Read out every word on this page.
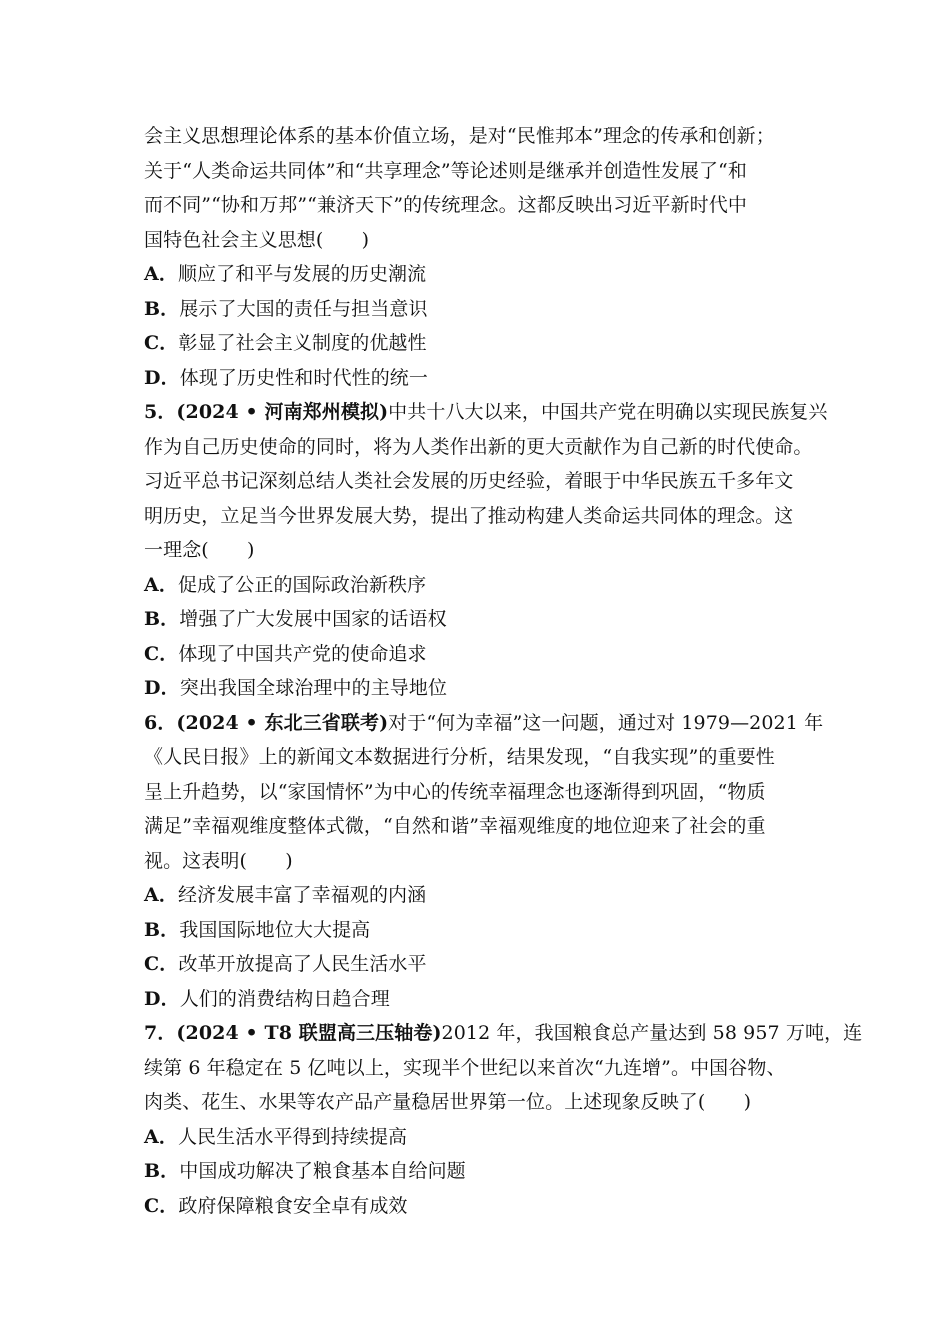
会主义思想理论体系的基本价值立场，是对“民惟邦本”理念的传承和创新；
关于“人类命运共同体”和“共享理念”等论述则是继承并创造性发展了“和
而不同”“协和万邦”“兼济天下”的传统理念。这都反映出习近平新时代中
国特色社会主义思想(　　)
A．顺应了和平与发展的历史潮流
B．展示了大国的责任与担当意识
C．彰显了社会主义制度的优越性
D．体现了历史性和时代性的统一
5．(2024 • 河南郑州模拟)中共十八大以来，中国共产党在明确以实现民族复兴
作为自己历史使命的同时，将为人类作出新的更大贡献作为自己新的时代使命。
习近平总书记深刻总结人类社会发展的历史经验，着眼于中华民族五千多年文
明历史，立足当今世界发展大势，提出了推动构建人类命运共同体的理念。这
一理念(　　)
A．促成了公正的国际政治新秩序
B．增强了广大发展中国家的话语权
C．体现了中国共产党的使命追求
D．突出我国全球治理中的主导地位
6．(2024 • 东北三省联考)对于“何为幸福”这一问题，通过对 1979—2021 年
《人民日报》上的新闻文本数据进行分析，结果发现，“自我实现”的重要性
呈上升趋势，以“家国情怀”为中心的传统幸福理念也逐渐得到巩固，“物质
满足”幸福观维度整体式微，“自然和谐”幸福观维度的地位迎来了社会的重
视。这表明(　　)
A．经济发展丰富了幸福观的内涵
B．我国国际地位大大提高
C．改革开放提高了人民生活水平
D．人们的消费结构日趋合理
7．(2024 • T8 联盟高三压轴卷)2012 年，我国粮食总产量达到 58 957 万吨，连
续第 6 年稳定在 5 亿吨以上，实现半个世纪以来首次“九连增”。中国谷物、
肉类、花生、水果等农产品产量稳居世界第一位。上述现象反映了(　　)
A．人民生活水平得到持续提高
B．中国成功解决了粮食基本自给问题
C．政府保障粮食安全卓有成效
